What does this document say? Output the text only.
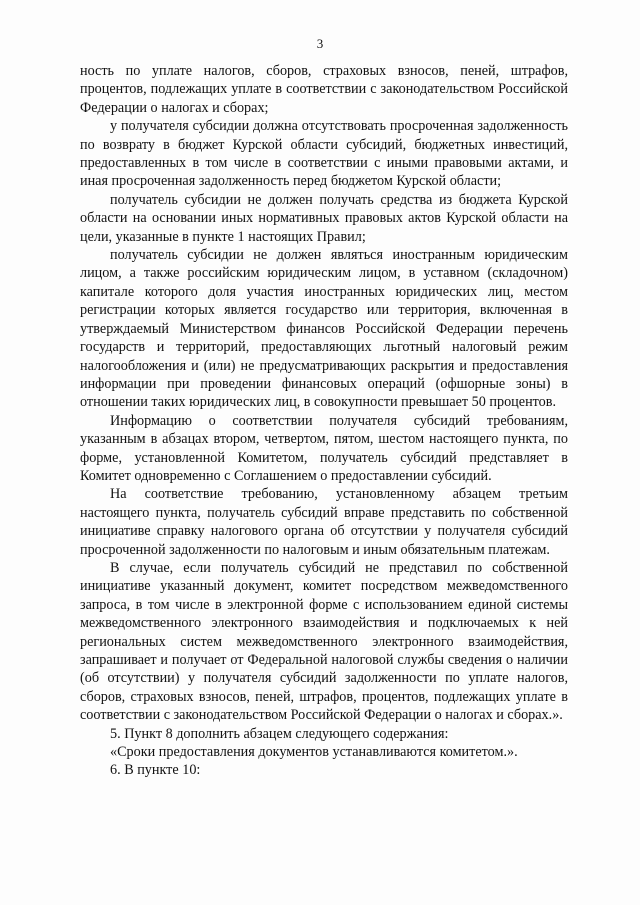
3

ность по уплате налогов, сборов, страховых взносов, пеней, штрафов, процентов, подлежащих уплате в соответствии с законодательством Российской Федерации о налогах и сборах;

у получателя субсидии должна отсутствовать просроченная задолженность по возврату в бюджет Курской области субсидий, бюджетных инвестиций, предоставленных в том числе в соответствии с иными правовыми актами, и иная просроченная задолженность перед бюджетом Курской области;

получатель субсидии не должен получать средства из бюджета Курской области на основании иных нормативных правовых актов Курской области на цели, указанные в пункте 1 настоящих Правил;

получатель субсидии не должен являться иностранным юридическим лицом, а также российским юридическим лицом, в уставном (складочном) капитале которого доля участия иностранных юридических лиц, местом регистрации которых является государство или территория, включенная в утверждаемый Министерством финансов Российской Федерации перечень государств и территорий, предоставляющих льготный налоговый режим налогообложения и (или) не предусматривающих раскрытия и предоставления информации при проведении финансовых операций (офшорные зоны) в отношении таких юридических лиц, в совокупности превышает 50 процентов.

Информацию о соответствии получателя субсидий требованиям, указанным в абзацах втором, четвертом, пятом, шестом настоящего пункта, по форме, установленной Комитетом, получатель субсидий представляет в Комитет одновременно с Соглашением о предоставлении субсидий.

На соответствие требованию, установленному абзацем третьим настоящего пункта, получатель субсидий вправе представить по собственной инициативе справку налогового органа об отсутствии у получателя субсидий просроченной задолженности по налоговым и иным обязательным платежам.

В случае, если получатель субсидий не представил по собственной инициативе указанный документ, комитет посредством межведомственного запроса, в том числе в электронной форме с использованием единой системы межведомственного электронного взаимодействия и подключаемых к ней региональных систем межведомственного электронного взаимодействия, запрашивает и получает от Федеральной налоговой службы сведения о наличии (об отсутствии) у получателя субсидий задолженности по уплате налогов, сборов, страховых взносов, пеней, штрафов, процентов, подлежащих уплате в соответствии с законодательством Российской Федерации о налогах и сборах.».

5. Пункт 8 дополнить абзацем следующего содержания:

«Сроки предоставления документов устанавливаются комитетом.».

6. В пункте 10:
